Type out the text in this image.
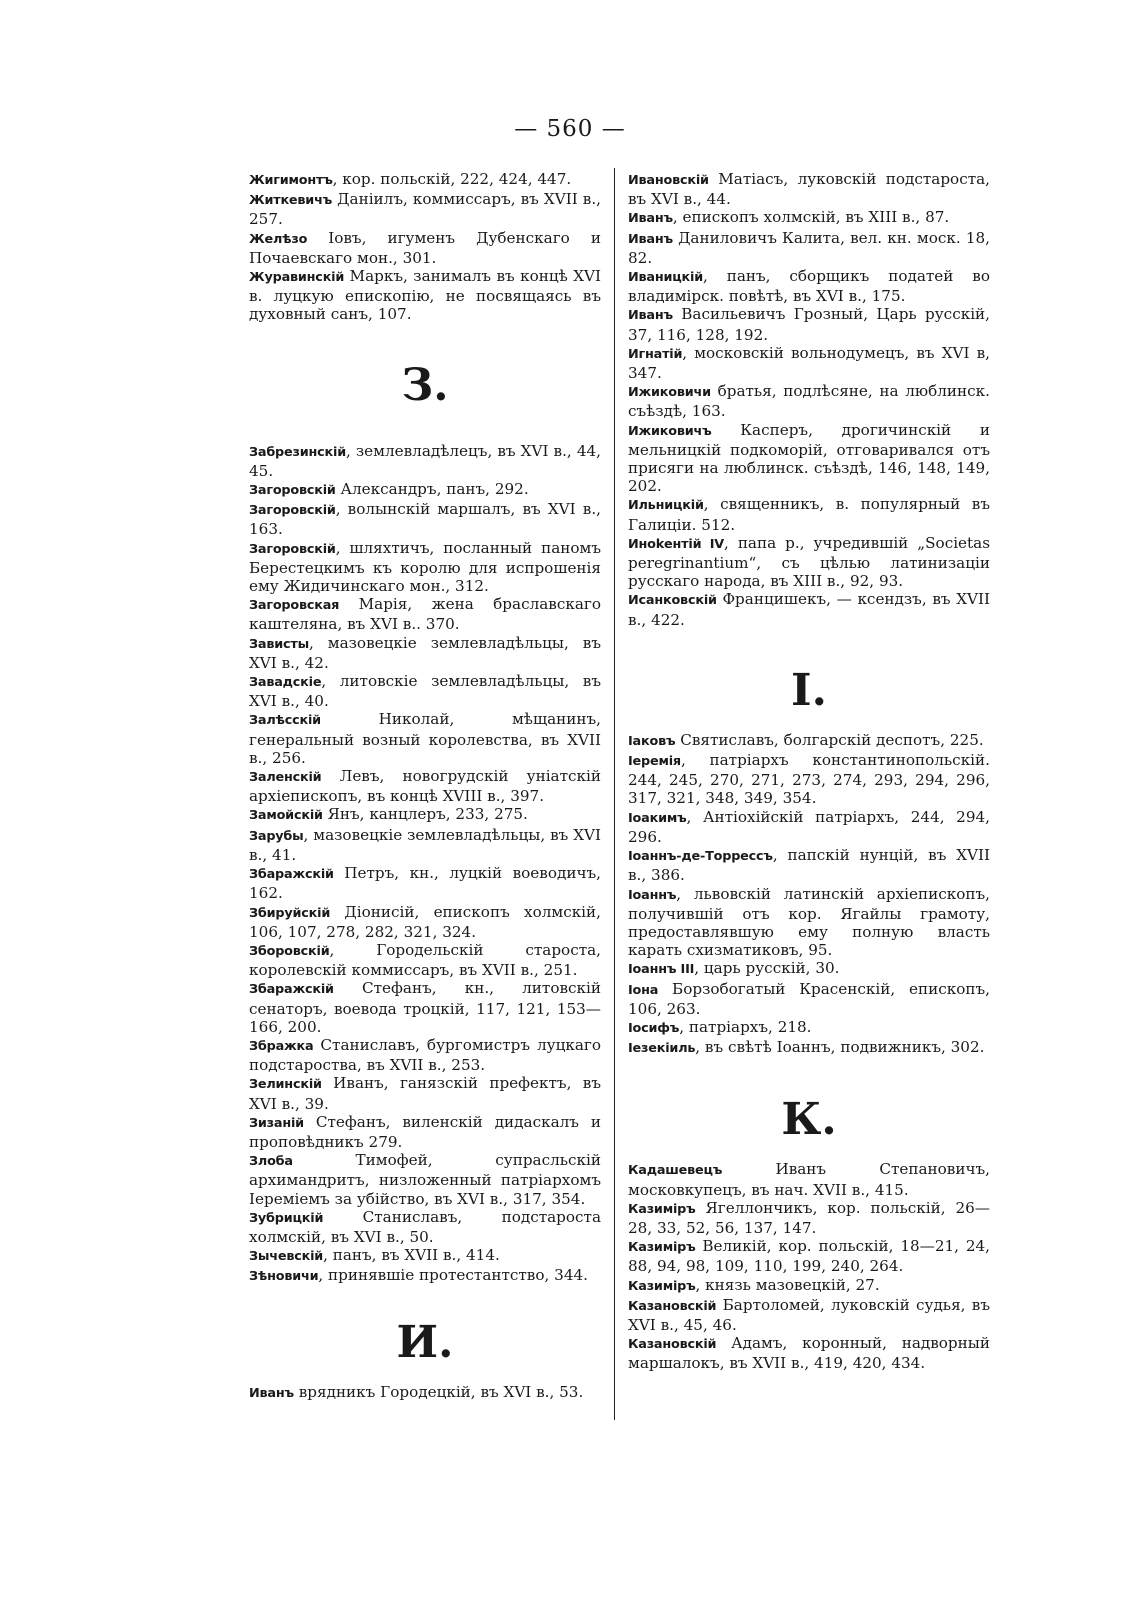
— 560 —

Жигимонтъ, кор. польскій, 222, 424, 447.

Житкевичъ Даніилъ, коммиссаръ, въ XVII в., 257.

Желѣзо Іовъ, игуменъ Дубенскаго и Почаевскаго мон., 301.

Журавинскій Маркъ, занималъ въ концѣ XVI в. луцкую епископію, не посвящаясь въ духовный санъ, 107.

З.

Забрезинскій, землевладѣлецъ, въ XVI в., 44, 45.

Загоровскій Александръ, панъ, 292.

Загоровскій, волынскій маршалъ, въ XVI в., 163.

Загоровскій, шляхтичъ, посланный паномъ Берестецкимъ къ королю для испрошенія ему Жидичинскаго мон., 312.

Загоровская Марія, жена браславскаго каштеляна, въ XVI в.. 370.

Зависты, мазовецкіе землевладѣльцы, въ XVI в., 42.

Завадскіе, литовскіе землевладѣльцы, въ XVI в., 40.

Залѣсскій Николай, мѣщанинъ, генеральный возный королевства, въ XVII в., 256.

Заленскій Левъ, новогрудскій уніатскій архіепископъ, въ концѣ XVIII в., 397.

Замойскій Янъ, канцлеръ, 233, 275.

Зарубы, мазовецкіе землевладѣльцы, въ XVI в., 41.

Збаражскій Петръ, кн., луцкій воеводичъ, 162.

Збируйскій Діонисій, епископъ холмскій, 106, 107, 278, 282, 321, 324.

Зборовскій, Городельскій староста, королевскій коммиссаръ, въ XVII в., 251.

Збаражскій Стефанъ, кн., литовскій сенаторъ, воевода троцкій, 117, 121, 153—166, 200.

Збражка Станиславъ, бургомистръ луцкаго подстароства, въ XVII в., 253.

Зелинскій Иванъ, ганязскій префектъ, въ XVI в., 39.

Зизаній Стефанъ, виленскій дидаскалъ и проповѣдникъ 279.

Злоба Тимофей, супрасльскій архимандритъ, низложенный патріархомъ Іереміемъ за убійство, въ XVI в., 317, 354.

Зубрицкій Станиславъ, подстароста холмскій, въ XVI в., 50.

Зычевскій, панъ, въ XVII в., 414.

Зѣновичи, принявшіе протестантство, 344.

И.

Иванъ врядникъ Городецкій, въ XVI в., 53.

Ивановскій Матіасъ, луковскій подстароста, въ XVI в., 44.

Иванъ, епископъ холмскій, въ XIII в., 87.

Иванъ Даниловичъ Калита, вел. кн. моск. 18, 82.

Иваницкій, панъ, сборщикъ податей во владимірск. повѣтѣ, въ XVI в., 175.

Иванъ Васильевичъ Грозный, Царь русскій, 37, 116, 128, 192.

Игнатій, московскій вольнодумецъ, въ XVI в, 347.

Ижиковичи братья, подлѣсяне, на люблинск. съѣздѣ, 163.

Ижиковичъ Касперъ, дрогичинскій и мельницкій подкоморій, отговаривался отъ присяги на люблинск. съѣздѣ, 146, 148, 149, 202.

Ильницкій, священникъ, в. популярный въ Галиціи. 512.

Иноkентій IV, папа р., учредившій „Societas peregrinantium“, съ цѣлью латинизаціи русскаго народа, въ XIII в., 92, 93.

Исанковскій Францишекъ, — ксендзъ, въ XVII в., 422.

І.

Іаковъ Святиславъ, болгарскій деспотъ, 225.

Іеремія, патріархъ константинопольскій. 244, 245, 270, 271, 273, 274, 293, 294, 296, 317, 321, 348, 349, 354.

Іоакимъ, Антіохійскій патріархъ, 244, 294, 296.

Іоаннъ-де-Торрессъ, папскій нунцій, въ XVII в., 386.

Іоаннъ, львовскій латинскій архіепископъ, получившій отъ кор. Ягайлы грамоту, предоставлявшую ему полную власть карать схизматиковъ, 95.

Іоаннъ III, царь русскій, 30.

Іона Борзобогатый Красенскій, епископъ, 106, 263.

Іосифъ, патріархъ, 218.

Іезекіиль, въ свѣтѣ Іоаннъ, подвижникъ, 302.

К.

Кадашевецъ Иванъ Степановичъ, московкупецъ, въ нач. XVII в., 415.

Казиміръ Ягеллончикъ, кор. польскій, 26—28, 33, 52, 56, 137, 147.

Казиміръ Великій, кор. польскій, 18—21, 24, 88, 94, 98, 109, 110, 199, 240, 264.

Казиміръ, князь мазовецкій, 27.

Казановскій Бартоломей, луковскій судья, въ XVI в., 45, 46.

Казановскій Адамъ, коронный, надворный маршалокъ, въ XVII в., 419, 420, 434.
